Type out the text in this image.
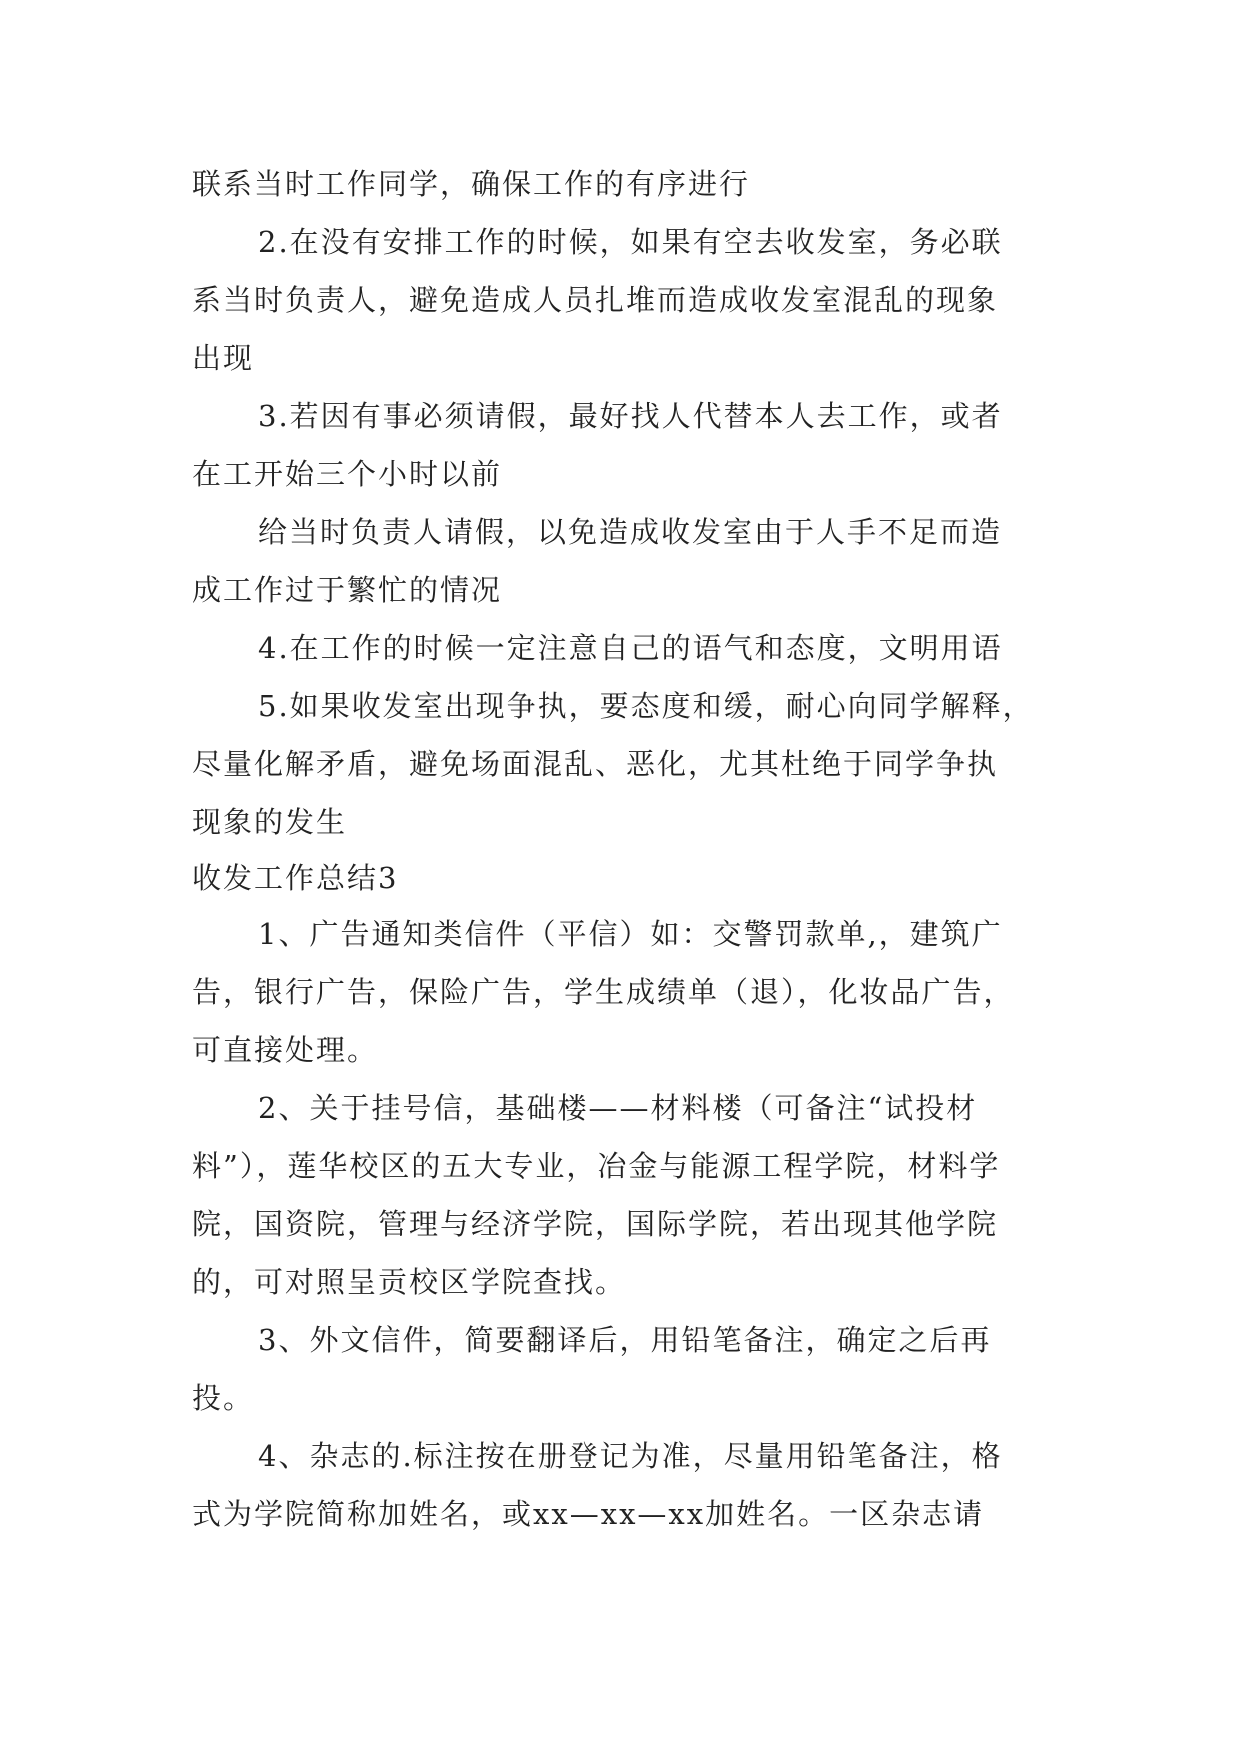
联系当时工作同学，确保工作的有序进行
2.在没有安排工作的时候，如果有空去收发室，务必联
系当时负责人，避免造成人员扎堆而造成收发室混乱的现象
出现
3.若因有事必须请假，最好找人代替本人去工作，或者
在工开始三个小时以前
给当时负责人请假，以免造成收发室由于人手不足而造
成工作过于繁忙的情况
4.在工作的时候一定注意自己的语气和态度，文明用语
5.如果收发室出现争执，要态度和缓，耐心向同学解释，
尽量化解矛盾，避免场面混乱、恶化，尤其杜绝于同学争执
现象的发生
收发工作总结3
1、广告通知类信件（平信）如：交警罚款单,，建筑广
告，银行广告，保险广告，学生成绩单（退），化妆品广告，
可直接处理。
2、关于挂号信，基础楼——材料楼（可备注“试投材
料”），莲华校区的五大专业，冶金与能源工程学院，材料学
院，国资院，管理与经济学院，国际学院，若出现其他学院
的，可对照呈贡校区学院查找。
3、外文信件，简要翻译后，用铅笔备注，确定之后再
投。
4、杂志的.标注按在册登记为准，尽量用铅笔备注，格
式为学院简称加姓名，或xx—xx—xx加姓名。一区杂志请
